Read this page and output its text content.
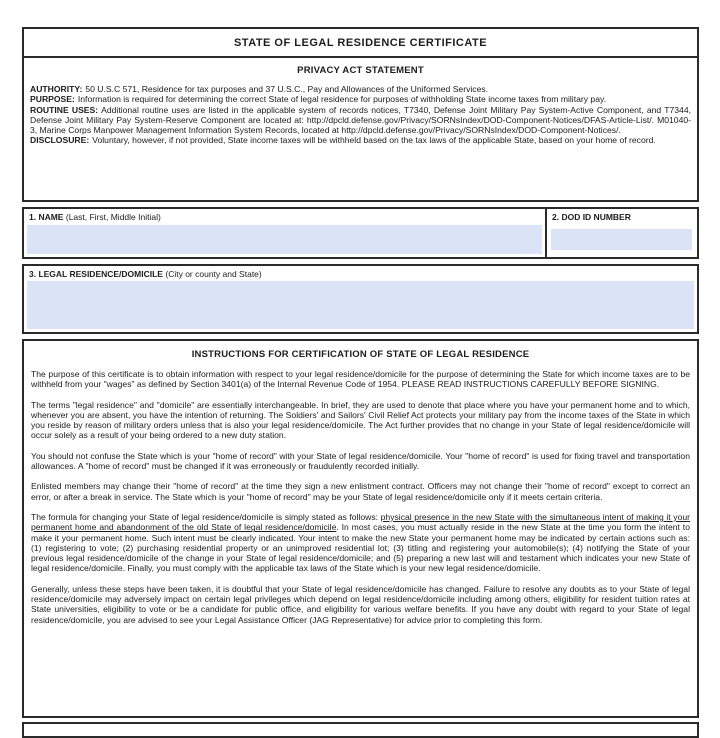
STATE OF LEGAL RESIDENCE CERTIFICATE
PRIVACY ACT STATEMENT

AUTHORITY: 50 U.S.C 571, Residence for tax purposes and 37 U.S.C., Pay and Allowances of the Uniformed Services.

PURPOSE: Information is required for determining the correct State of legal residence for purposes of withholding State income taxes from military pay.

ROUTINE USES: Additional routine uses are listed in the applicable system of records notices, T7340, Defense Joint Military Pay System-Active Component, and T7344, Defense Joint Military Pay System-Reserve Component are located at: http://dpcld.defense.gov/Privacy/SORNsIndex/DOD-Component-Notices/DFAS-Article-List/. M01040-3, Marine Corps Manpower Management Information System Records, located at http://dpcld.defense.gov/Privacy/SORNsIndex/DOD-Component-Notices/.

DISCLOSURE: Voluntary, however, if not provided, State income taxes will be withheld based on the tax laws of the applicable State, based on your home of record.

1. NAME (Last, First, Middle Initial)	2. DOD ID NUMBER
3. LEGAL RESIDENCE/DOMICILE (City or county and State)
INSTRUCTIONS FOR CERTIFICATION OF STATE OF LEGAL RESIDENCE

The purpose of this certificate is to obtain information with respect to your legal residence/domicile for the purpose of determining the State for which income taxes are to be withheld from your "wages" as defined by Section 3401(a) of the Internal Revenue Code of 1954. PLEASE READ INSTRUCTIONS CAREFULLY BEFORE SIGNING.

The terms "legal residence" and "domicile" are essentially interchangeable. In brief, they are used to denote that place where you have your permanent home and to which, whenever you are absent, you have the intention of returning. The Soldiers' and Sailors' Civil Relief Act protects your military pay from the income taxes of the State in which you reside by reason of military orders unless that is also your legal residence/domicile. The Act further provides that no change in your State of legal residence/domicile will occur solely as a result of your being ordered to a new duty station.

You should not confuse the State which is your "home of record" with your State of legal residence/domicile. Your "home of record" is used for fixing travel and transportation allowances. A "home of record" must be changed if it was erroneously or fraudulently recorded initially.

Enlisted members may change their "home of record" at the time they sign a new enlistment contract. Officers may not change their "home of record" except to correct an error, or after a break in service. The State which is your "home of record" may be your State of legal residence/domicile only if it meets certain criteria.

The formula for changing your State of legal residence/domicile is simply stated as follows: physical presence in the new State with the simultaneous intent of making it your permanent home and abandonment of the old State of legal residence/domicile. In most cases, you must actually reside in the new State at the time you form the intent to make it your permanent home. Such intent must be clearly indicated. Your intent to make the new State your permanent home may be indicated by certain actions such as: (1) registering to vote; (2) purchasing residential property or an unimproved residential lot; (3) titling and registering your automobile(s); (4) notifying the State of your previous legal residence/domicile of the change in your State of legal residence/domicile; and (5) preparing a new last will and testament which indicates your new State of legal residence/domicile. Finally, you must comply with the applicable tax laws of the State which is your new legal residence/domicile.

Generally, unless these steps have been taken, it is doubtful that your State of legal residence/domicile has changed. Failure to resolve any doubts as to your State of legal residence/domicile may adversely impact on certain legal privileges which depend on legal residence/domicile including among others, eligibility for resident tuition rates at State universities, eligibility to vote or be a candidate for public office, and eligibility for various welfare benefits. If you have any doubt with regard to your State of legal residence/domicile, you are advised to see your Legal Assistance Officer (JAG Representative) for advice prior to completing this form.
